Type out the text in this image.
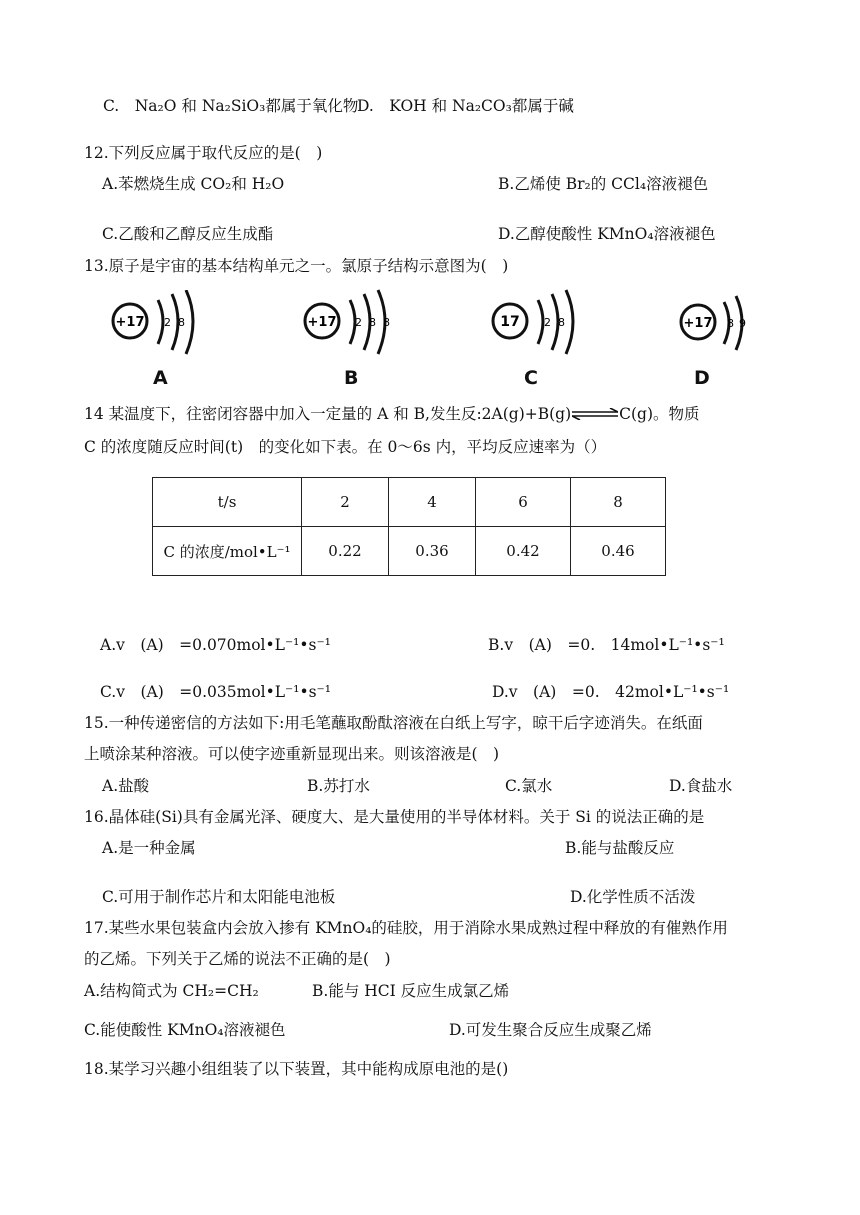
C.　Na₂O 和 Na₂SiO₃都属于氧化物
D.　KOH 和 Na₂CO₃都属于碱
12.下列反应属于取代反应的是(　)
A.苯燃烧生成 CO₂和 H₂O	B.乙烯使 Br₂的 CCl₄溶液褪色
C.乙酸和乙醇反应生成酯	D.乙醇使酸性 KMnO₄溶液褪色
13.原子是宇宙的基本结构单元之一。氯原子结构示意图为(　)
+17 2 8
A
+17 2 8 8
B
17 2 8
C
+17 8 9
D
14 某温度下，往密闭容器中加入一定量的 A 和 B,发生反:2A(g)+B(g)⇌C(g)。物质
C 的浓度随反应时间(t)　的变化如下表。在 0～6s 内，平均反应速率为（）
t/s	2	4	6	8
C 的浓度/mol•L⁻¹	0.22	0.36	0.42	0.46
A.v　(A)　=0.070mol•L⁻¹•s⁻¹	B.v　(A)　=0.　14mol•L⁻¹•s⁻¹
C.v　(A)　=0.035mol•L⁻¹•s⁻¹	D.v　(A)　=0.　42mol•L⁻¹•s⁻¹
15.一种传递密信的方法如下:用毛笔蘸取酚酞溶液在白纸上写字，晾干后字迹消失。在纸面
上喷涂某种溶液。可以使字迹重新显现出来。则该溶液是(　)
A.盐酸	B.苏打水	C.氯水	D.食盐水
16.晶体硅(Si)具有金属光泽、硬度大、是大量使用的半导体材料。关于 Si 的说法正确的是
A.是一种金属	B.能与盐酸反应
C.可用于制作芯片和太阳能电池板	D.化学性质不活泼
17.某些水果包装盒内会放入掺有 KMnO₄的硅胶，用于消除水果成熟过程中释放的有催熟作用
的乙烯。下列关于乙烯的说法不正确的是(　)
A.结构简式为 CH₂=CH₂	B.能与 HCI 反应生成氯乙烯
C.能使酸性 KMnO₄溶液褪色	D.可发生聚合反应生成聚乙烯
18.某学习兴趣小组组装了以下装置，其中能构成原电池的是()
